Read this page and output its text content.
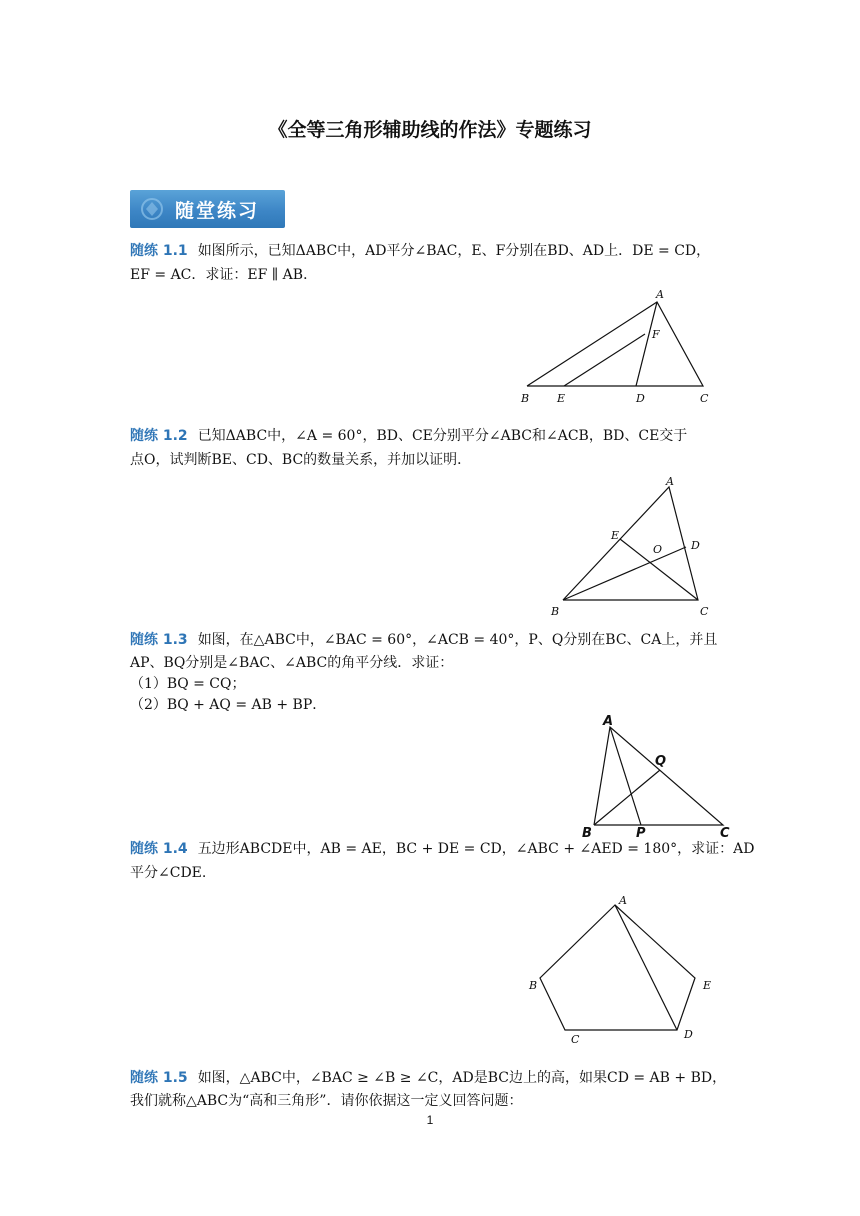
《全等三角形辅助线的作法》专题练习
随堂练习
随练 1.1 如图所示，已知ΔABC中，AD平分∠BAC，E、F分别在BD、AD上．DE = CD，
EF = AC．求证：EF ∥ AB．
A
F
B	E	D	C
随练 1.2 已知ΔABC中，∠A = 60°，BD、CE分别平分∠ABC和∠ACB，BD、CE交于
点O，试判断BE、CD、BC的数量关系，并加以证明．
A
E
O	D
B	C
随练 1.3 如图，在△ABC中，∠BAC = 60°，∠ACB = 40°，P、Q分别在BC、CA上，并且
AP、BQ分别是∠BAC、∠ABC的角平分线．求证：
（1）BQ = CQ；
（2）BQ + AQ = AB + BP．
A
Q
B	P	C
随练 1.4 五边形ABCDE中，AB = AE，BC + DE = CD，∠ABC + ∠AED = 180°，求证：AD
平分∠CDE.
A
B	E
C	D
随练 1.5 如图，△ABC中，∠BAC ≥ ∠B ≥ ∠C，AD是BC边上的高，如果CD = AB + BD，
我们就称△ABC为“高和三角形”．请你依据这一定义回答问题：
1
